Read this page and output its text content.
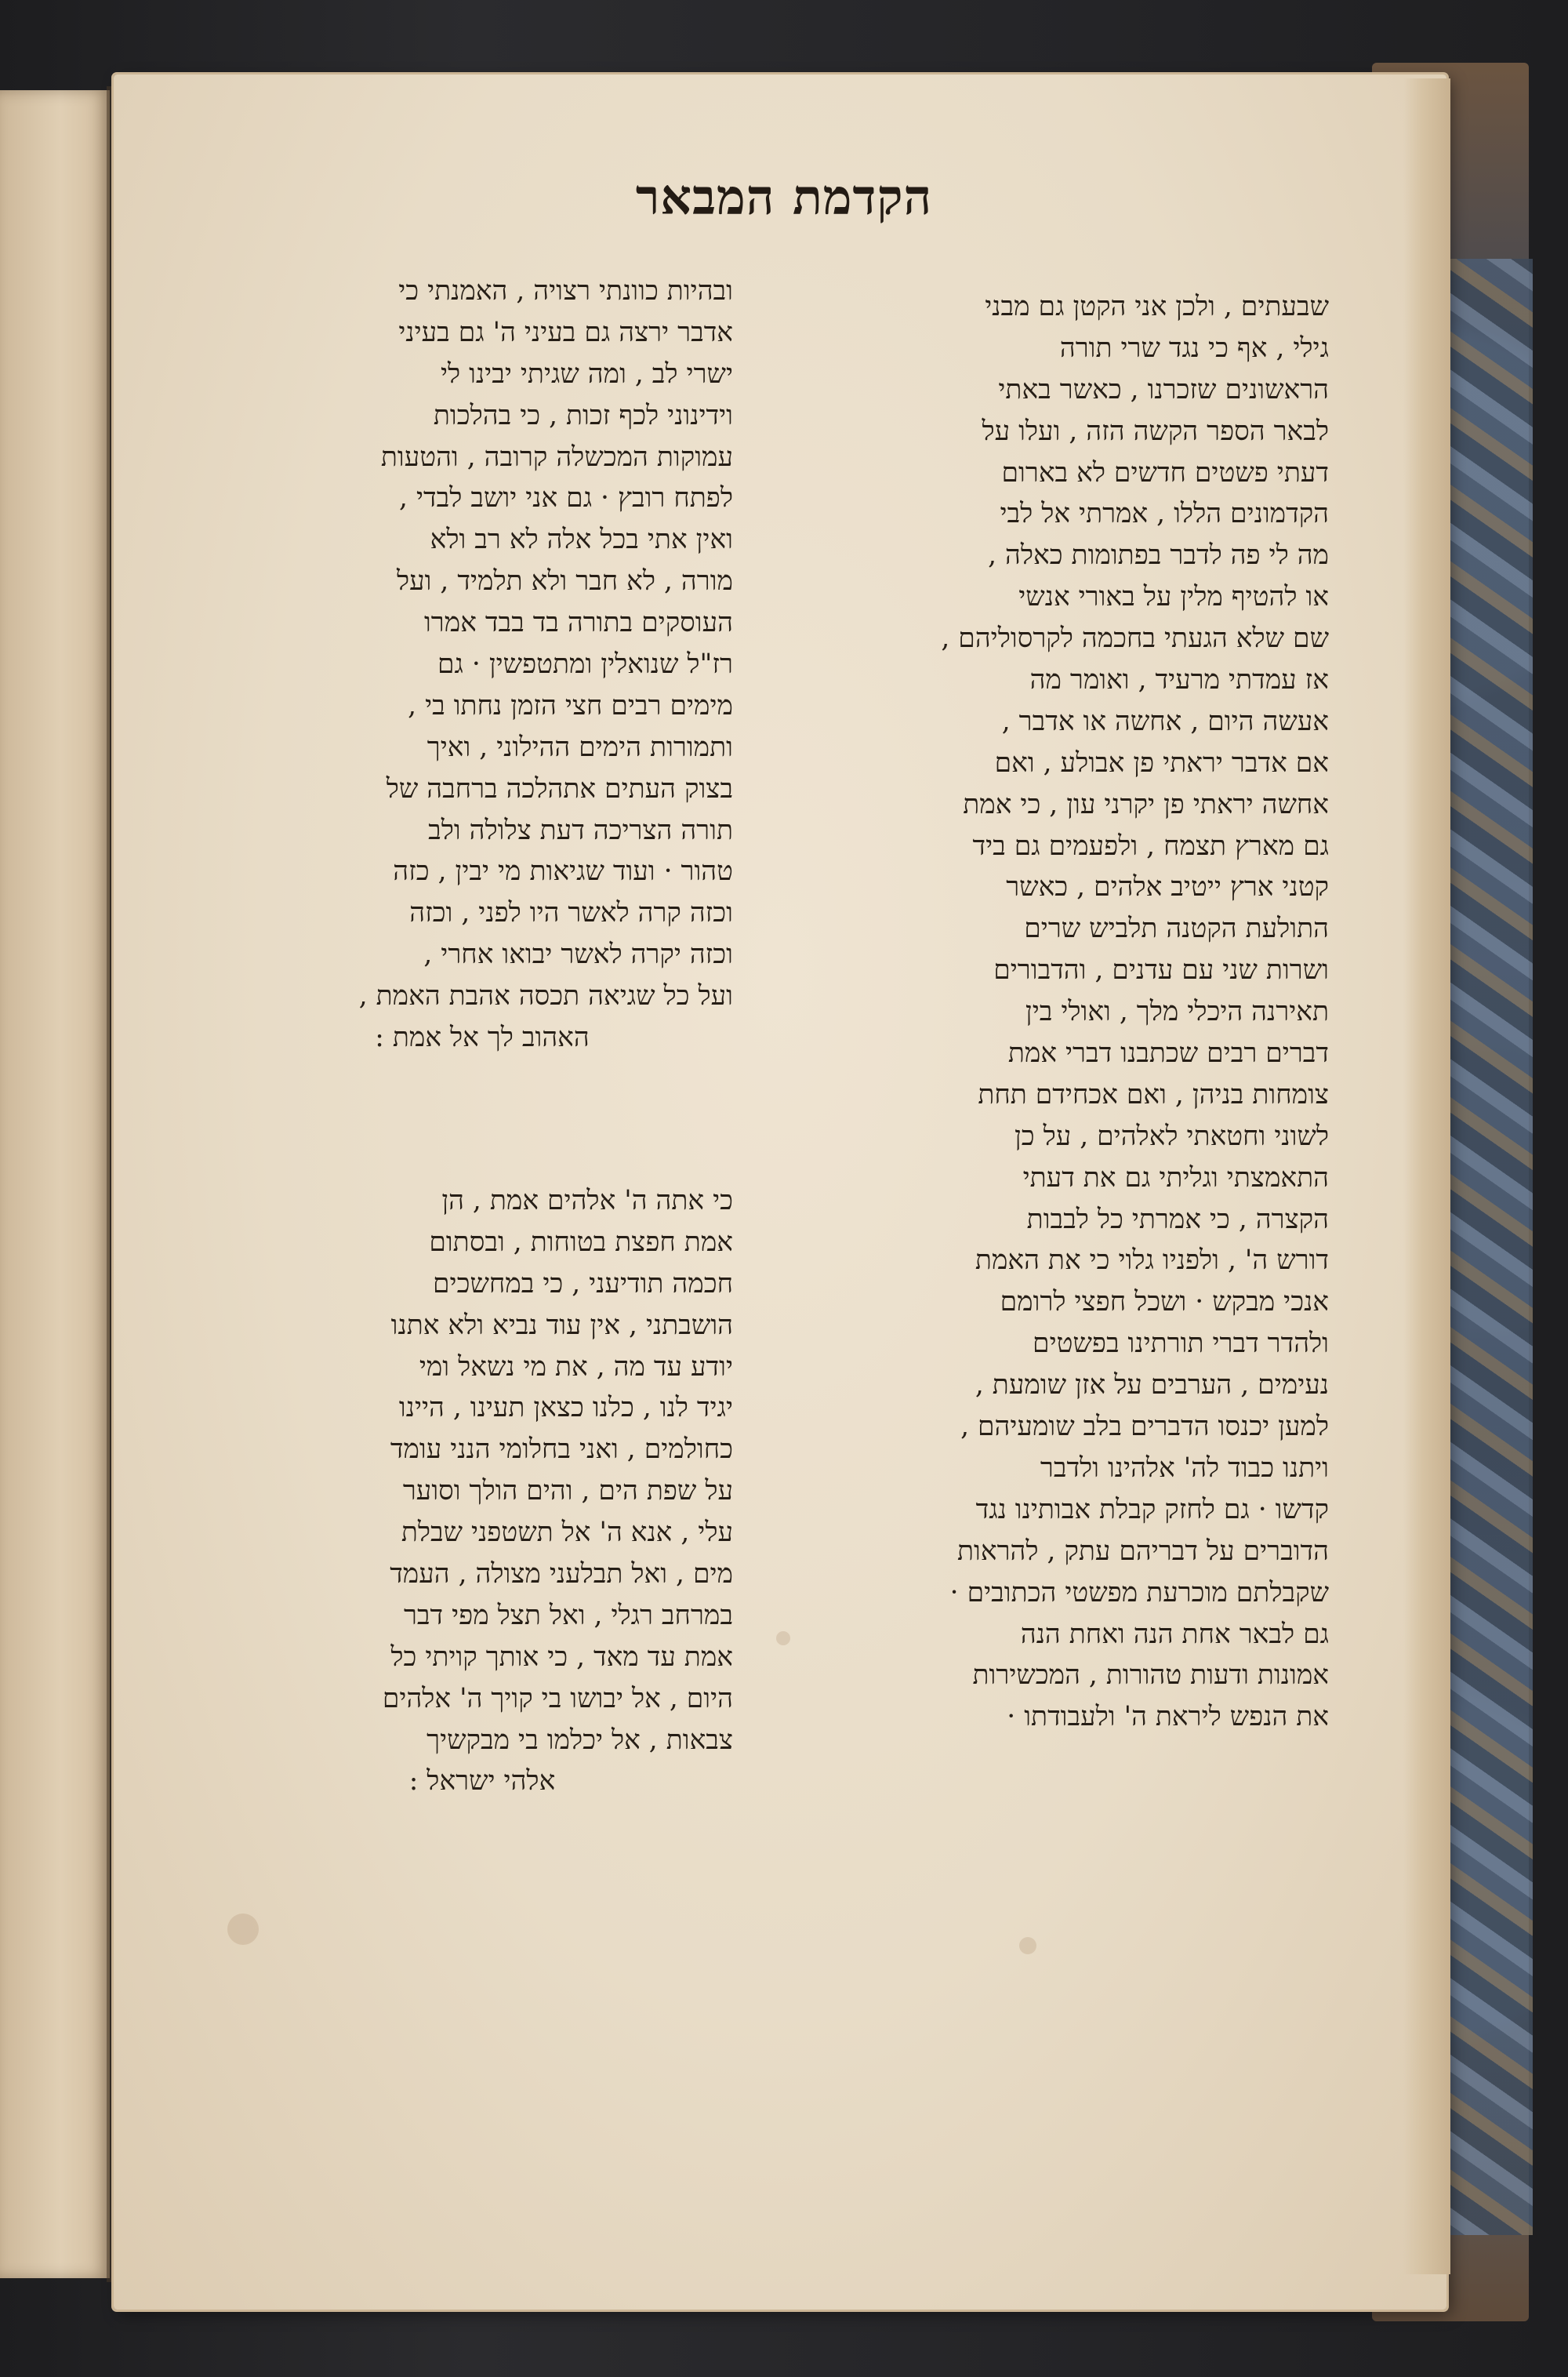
הקדמת המבאר
שבעתים , ולכן אני הקטן גם מבני
גילי , אף כי נגד שרי תורה
הראשונים שזכרנו , כאשר באתי
לבאר הספר הקשה הזה , ועלו על
דעתי פשטים חדשים לא בארום
הקדמונים הללו , אמרתי אל לבי
מה לי פה לדבר בפתומות כאלה ,
או להטיף מלין על באורי אנשי
שם שלא הגעתי בחכמה לקרסוליהם ,
אז עמדתי מרעיד , ואומר מה
אעשה היום , אחשה או אדבר ,
אם אדבר יראתי פן אבולע , ואם
אחשה יראתי פן יקרני עון , כי אמת
גם מארץ תצמח , ולפעמים גם ביד
קטני ארץ ייטיב אלהים , כאשר
התולעת הקטנה תלביש שרים
ושרות שני עם עדנים , והדבורים
תאירנה היכלי מלך , ואולי בין
דברים רבים שכתבנו דברי אמת
צומחות בניהן , ואם אכחידם תחת
לשוני וחטאתי לאלהים , על כן
התאמצתי וגליתי גם את דעתי
הקצרה , כי אמרתי כל לבבות
דורש ה' , ולפניו גלוי כי את האמת
אנכי מבקש · ושכל חפצי לרומם
ולהדר דברי תורתינו בפשטים
נעימים , הערבים על אזן שומעת ,
למען יכנסו הדברים בלב שומעיהם ,
ויתנו כבוד לה' אלהינו ולדבר
קדשו · גם לחזק קבלת אבותינו נגד
הדוברים על דבריהם עתק , להראות
שקבלתם מוכרעת מפשטי הכתובים ·
גם לבאר אחת הנה ואחת הנה
אמונות ודעות טהורות , המכשירות
את הנפש ליראת ה' ולעבודתו ·
ובהיות כוונתי רצויה , האמנתי כי
אדבר ירצה גם בעיני ה' גם בעיני
ישרי לב , ומה שגיתי יבינו לי
וידינוני לכף זכות , כי בהלכות
עמוקות המכשלה קרובה , והטעות
לפתח רובץ · גם אני יושב לבדי ,
ואין אתי בכל אלה לא רב ולא
מורה , לא חבר ולא תלמיד , ועל
העוסקים בתורה בד בבד אמרו
רז"ל שנואלין ומתטפשין · גם
מימים רבים חצי הזמן נחתו בי ,
ותמורות הימים ההילוני , ואיך
בצוק העתים אתהלכה ברחבה של
תורה הצריכה דעת צלולה ולב
טהור · ועוד שגיאות מי יבין , כזה
וכזה קרה לאשר היו לפני , וכזה
וכזה יקרה לאשר יבואו אחרי ,
ועל כל שגיאה תכסה אהבת האמת ,
האהוב לך אל אמת :
כי אתה ה' אלהים אמת , הן
אמת חפצת בטוחות , ובסתום
חכמה תודיעני , כי במחשכים
הושבתני , אין עוד נביא ולא אתנו
יודע עד מה , את מי נשאל ומי
יגיד לנו , כלנו כצאן תעינו , היינו
כחולמים , ואני בחלומי הנני עומד
על שפת הים , והים הולך וסוער
עלי , אנא ה' אל תשטפני שבלת
מים , ואל תבלעני מצולה , העמד
במרחב רגלי , ואל תצל מפי דבר
אמת עד מאד , כי אותך קויתי כל
היום , אל יבושו בי קויך ה' אלהים
צבאות , אל יכלמו בי מבקשיך
אלהי ישראל :
